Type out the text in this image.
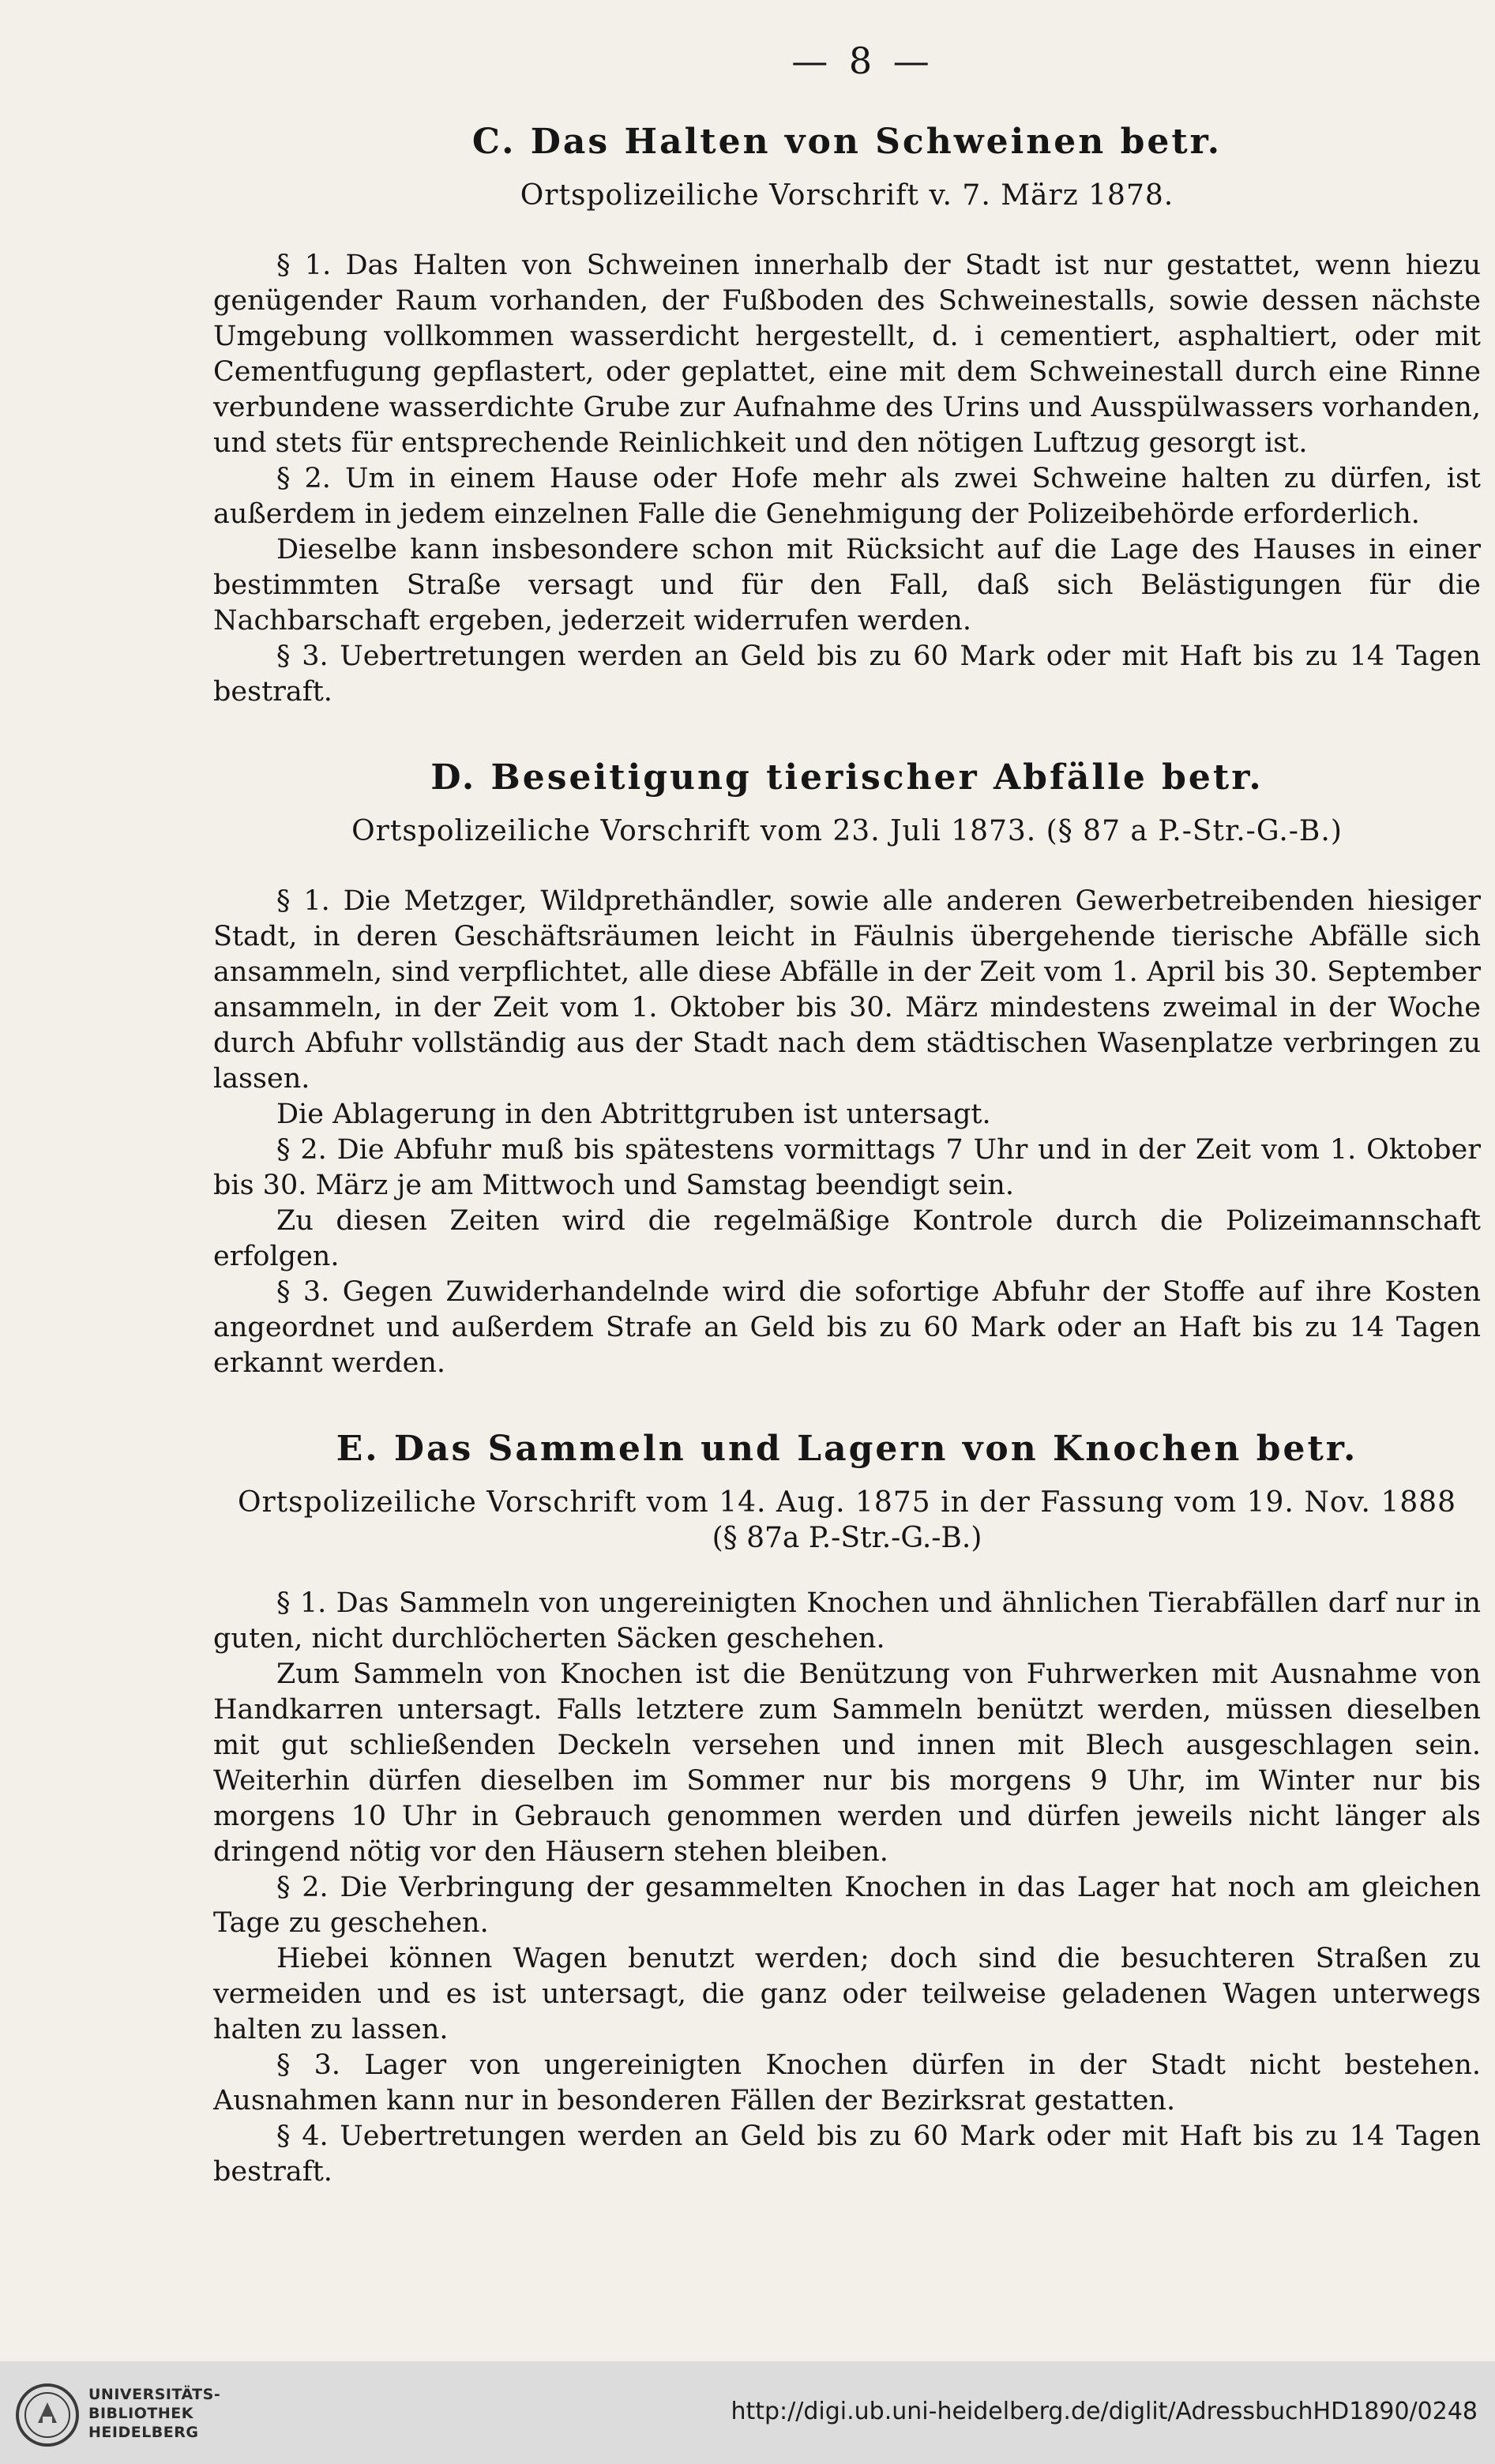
— 8 —
C. Das Halten von Schweinen betr.
Ortspolizeiliche Vorschrift v. 7. März 1878.

§ 1. Das Halten von Schweinen innerhalb der Stadt ist nur gestattet, wenn hiezu genügender Raum vorhanden, der Fußboden des Schweinestalls, sowie dessen nächste Umgebung vollkommen wasserdicht hergestellt, d. i cementiert, asphaltiert, oder mit Cementfugung gepflastert, oder geplattet, eine mit dem Schweinestall durch eine Rinne verbundene wasserdichte Grube zur Aufnahme des Urins und Ausspülwassers vorhanden, und stets für entsprechende Reinlichkeit und den nötigen Luftzug gesorgt ist.

§ 2. Um in einem Hause oder Hofe mehr als zwei Schweine halten zu dürfen, ist außerdem in jedem einzelnen Falle die Genehmigung der Polizeibehörde erforderlich.

Dieselbe kann insbesondere schon mit Rücksicht auf die Lage des Hauses in einer bestimmten Straße versagt und für den Fall, daß sich Belästigungen für die Nachbarschaft ergeben, jederzeit widerrufen werden.

§ 3. Uebertretungen werden an Geld bis zu 60 Mark oder mit Haft bis zu 14 Tagen bestraft.

D. Beseitigung tierischer Abfälle betr.
Ortspolizeiliche Vorschrift vom 23. Juli 1873. (§ 87 a P.-Str.-G.-B.)

§ 1. Die Metzger, Wildprethändler, sowie alle anderen Gewerbetreibenden hiesiger Stadt, in deren Geschäftsräumen leicht in Fäulnis übergehende tierische Abfälle sich ansammeln, sind verpflichtet, alle diese Abfälle in der Zeit vom 1. April bis 30. September ansammeln, in der Zeit vom 1. Oktober bis 30. März mindestens zweimal in der Woche durch Abfuhr vollständig aus der Stadt nach dem städtischen Wasenplatze verbringen zu lassen.

Die Ablagerung in den Abtrittgruben ist untersagt.

§ 2. Die Abfuhr muß bis spätestens vormittags 7 Uhr und in der Zeit vom 1. Oktober bis 30. März je am Mittwoch und Samstag beendigt sein.

Zu diesen Zeiten wird die regelmäßige Kontrole durch die Polizeimannschaft erfolgen.

§ 3. Gegen Zuwiderhandelnde wird die sofortige Abfuhr der Stoffe auf ihre Kosten angeordnet und außerdem Strafe an Geld bis zu 60 Mark oder an Haft bis zu 14 Tagen erkannt werden.

E. Das Sammeln und Lagern von Knochen betr.
Ortspolizeiliche Vorschrift vom 14. Aug. 1875 in der Fassung vom 19. Nov. 1888
(§ 87a P.-Str.-G.-B.)

§ 1. Das Sammeln von ungereinigten Knochen und ähnlichen Tierabfällen darf nur in guten, nicht durchlöcherten Säcken geschehen.

Zum Sammeln von Knochen ist die Benützung von Fuhrwerken mit Ausnahme von Handkarren untersagt. Falls letztere zum Sammeln benützt werden, müssen dieselben mit gut schließenden Deckeln versehen und innen mit Blech ausgeschlagen sein. Weiterhin dürfen dieselben im Sommer nur bis morgens 9 Uhr, im Winter nur bis morgens 10 Uhr in Gebrauch genommen werden und dürfen jeweils nicht länger als dringend nötig vor den Häusern stehen bleiben.

§ 2. Die Verbringung der gesammelten Knochen in das Lager hat noch am gleichen Tage zu geschehen.

Hiebei können Wagen benutzt werden; doch sind die besuchteren Straßen zu vermeiden und es ist untersagt, die ganz oder teilweise geladenen Wagen unterwegs halten zu lassen.

§ 3. Lager von ungereinigten Knochen dürfen in der Stadt nicht bestehen. Ausnahmen kann nur in besonderen Fällen der Bezirksrat gestatten.

§ 4. Uebertretungen werden an Geld bis zu 60 Mark oder mit Haft bis zu 14 Tagen bestraft.

UNIVERSITÄTS-
BIBLIOTHEK
HEIDELBERG
http://digi.ub.uni-heidelberg.de/diglit/AdressbuchHD1890/0248
